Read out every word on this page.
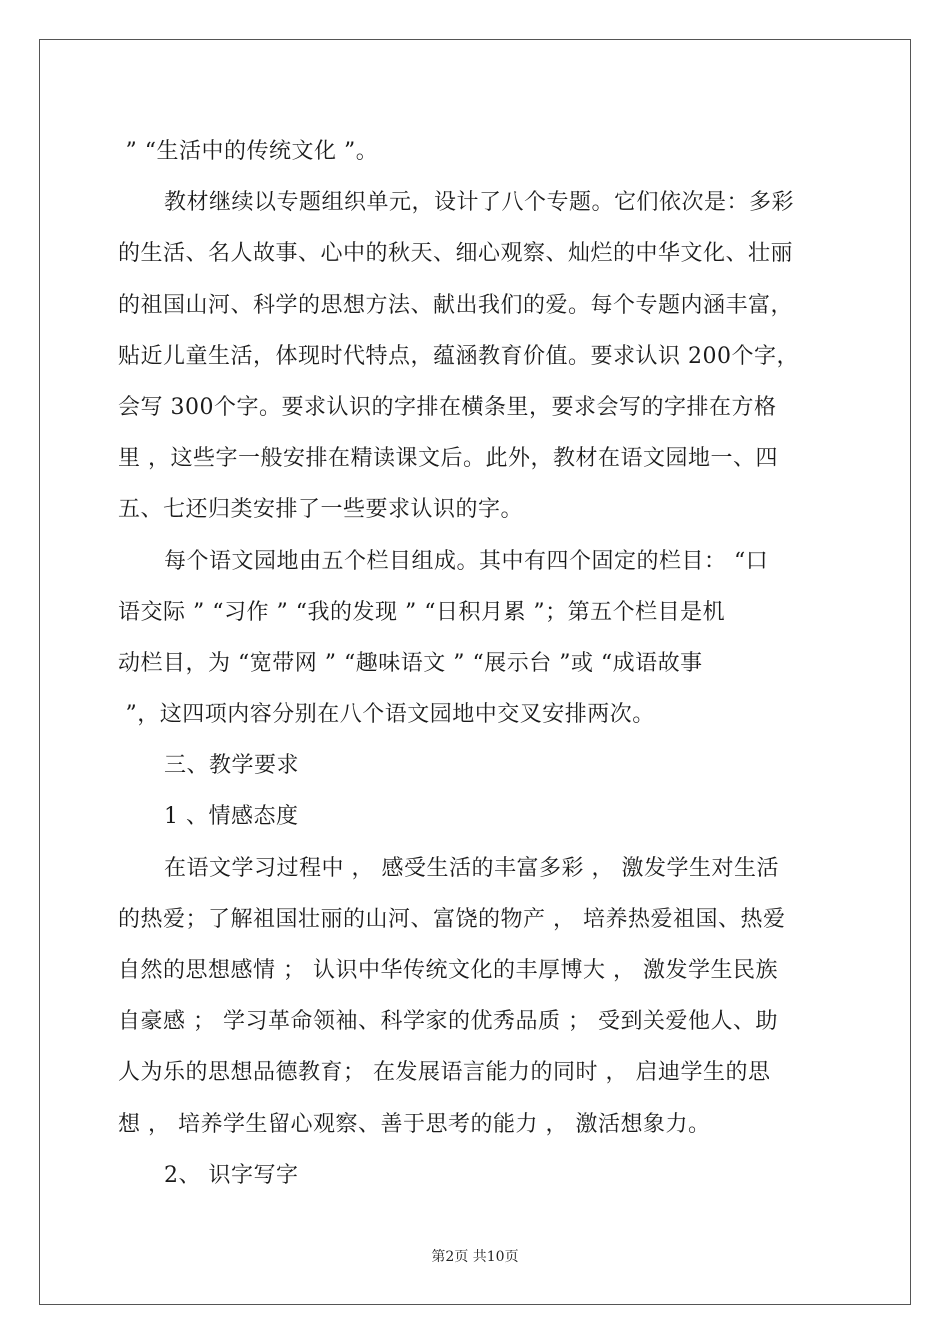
” “生活中的传统文化 ”。
教材继续以专题组织单元，设计了八个专题。它们依次是：多彩
的生活、名人故事、心中的秋天、细心观察、灿烂的中华文化、壮丽
的祖国山河、科学的思想方法、献出我们的爱。每个专题内涵丰富，
贴近儿童生活，体现时代特点，蕴涵教育价值。要求认识 200个字，
会写 300个字。要求认识的字排在横条里，要求会写的字排在方格
里 ，这些字一般安排在精读课文后。此外，教材在语文园地一、四
五、七还归类安排了一些要求认识的字。
每个语文园地由五个栏目组成。其中有四个固定的栏目： “口
语交际 ” “习作 ” “我的发现 ” “日积月累 ”；第五个栏目是机
动栏目，为 “宽带网 ” “趣味语文 ” “展示台 ”或 “成语故事
”，这四项内容分别在八个语文园地中交叉安排两次。
三、教学要求
1 、情感态度
在语文学习过程中 ， 感受生活的丰富多彩 ， 激发学生对生活
的热爱；了解祖国壮丽的山河、富饶的物产 ， 培养热爱祖国、热爱
自然的思想感情 ； 认识中华传统文化的丰厚博大 ， 激发学生民族
自豪感 ； 学习革命领袖、科学家的优秀品质 ； 受到关爱他人、助
人为乐的思想品德教育； 在发展语言能力的同时 ， 启迪学生的思
想 ， 培养学生留心观察、善于思考的能力 ， 激活想象力。
2、 识字写字
第2页 共10页
